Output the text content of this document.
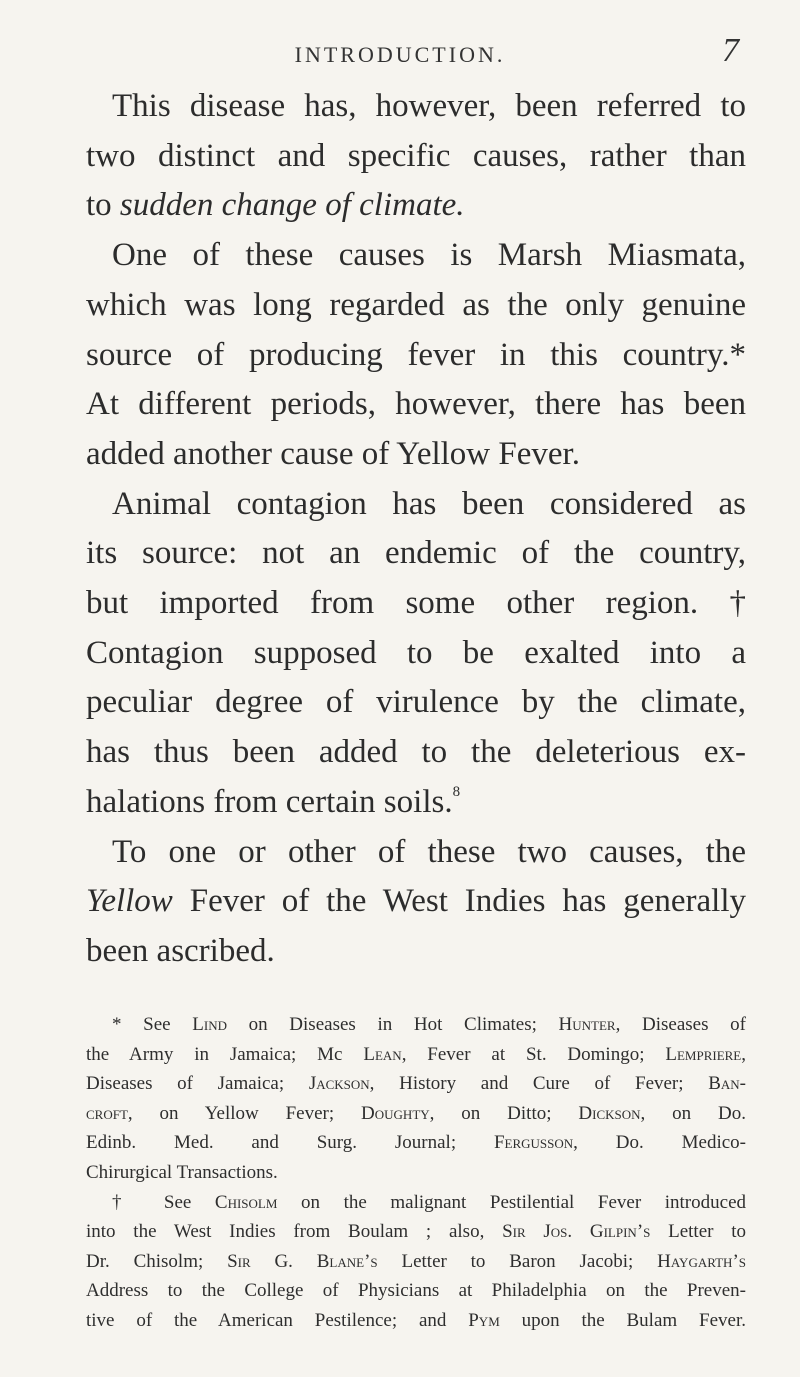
INTRODUCTION.	7

This disease has, however, been referred to
two distinct and specific causes, rather than
to sudden change of climate.

One of these causes is Marsh Miasmata,
which was long regarded as the only genuine
source of producing fever in this country.*
At different periods, however, there has been
added another cause of Yellow Fever.

Animal contagion has been considered as
its source: not an endemic of the country,
but imported from some other region. †
Contagion supposed to be exalted into a
peculiar degree of virulence by the climate,
has thus been added to the deleterious ex-
halations from certain soils.$^8$

To one or other of these two causes, the
Yellow Fever of the West Indies has generally
been ascribed.

* See Lind on Diseases in Hot Climates; Hunter, Diseases of
the Army in Jamaica; Mc Lean, Fever at St. Domingo; Lempriere,
Diseases of Jamaica; Jackson, History and Cure of Fever; Ban-
croft, on Yellow Fever; Doughty, on Ditto; Dickson, on Do.
Edinb. Med. and Surg. Journal; Fergusson, Do. Medico-
Chirurgical Transactions.
† See Chisolm on the malignant Pestilential Fever introduced
into the West Indies from Boulam ; also, Sir Jos. Gilpin’s Letter to
Dr. Chisolm; Sir G. Blane’s Letter to Baron Jacobi; Haygarth’s
Address to the College of Physicians at Philadelphia on the Preven-
tive of the American Pestilence; and Pym upon the Bulam Fever.
